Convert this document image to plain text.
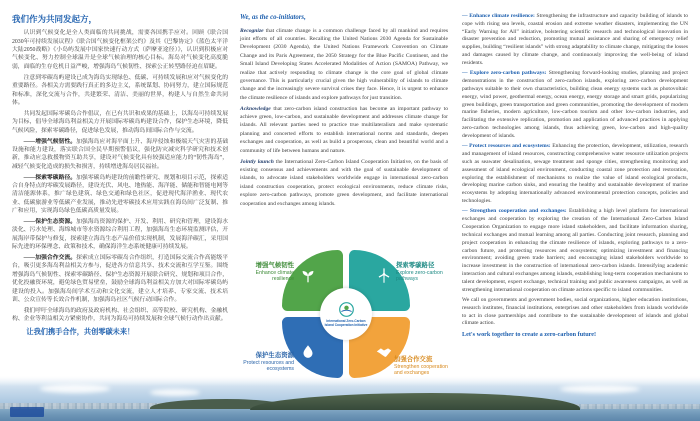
我们作为共同发起方，

认识到气候变化是全人类面临的共同挑战，需要各国携手应对。回顾《联合国2030年可持续发展议程》《联合国气候变化框架公约》及其《巴黎协定》《蓝色太平洋大陆2050战略》《小岛屿发展中国家快速行动方式（萨摩亚途径）》，认识到积极应对气候变化、努力控制全球温升是全球气候治理的核心目标。海岛对气候变化高度脆弱，面临的生存危机日益严峻，增强海岛气候韧性、探索公正转型路径迫在眉睫。

注意到零碳岛屿建设已成为海岛实现绿色、低碳、可持续发展和应对气候变化的重要路径。各相关方需要践行真正的多边主义，系统谋划、协同努力，建立国际规范和标准，深化交流与合作，共建繁荣、清洁、美丽的世界，构建人与自然生命共同体。

共同发起国际零碳岛合作倡议，在已有共识和成果的基础上，以海岛可持续发展为目标，倡导全球海岛利益相关方开展国际零碳岛屿建设合作，保护生态环境，降低气候风险，探索零碳路径，促进绿色发展，推动海岛间国际合作与交流。

——增强气候韧性。加强海岛应对海平面上升、海岸侵蚀和极端天气灾害的基础设施和能力建设，落实联合国全民早期预警倡议，强化防灾减灾科学研究和技术创新，推动应急救援物资互助共享，建设对气候变化具有较强适应能力的“韧性海岛”，减轻气候变化造成的损失和损害，持续增进海岛居民福祉。

——探索零碳路径。加强零碳岛屿建设的前瞻性研究、规划和项目示范，探索适合自身特点的零碳发展路径，建设光伏、风电、地热能、海洋能、储能和智能电网等清洁能源体系，推广绿色建筑、绿色交通和绿色社区，促进现代海洋渔业、现代农业、低碳旅游业等低碳产业发展，推动先进零碳技术应用实践在海岛间广泛复制、推广和应用，实现海岛绿色低碳高质量发展。

——保护生态资源。加强海岛资源的保护、开发、利用、研究和管理，建设海水淡化、污水处理、海绵城市等水资源综合利用工程，加强海岛生态环境监测评估，开展海岸带保护与修复，探索建立海岛生态产品价值实现机制，发展海洋碳汇，采用国际先进的环保理念、政策和技术，确保海洋生态系统健康可持续发展。

——加强合作交流。探索成立国际零碳岛合作组织，打造国际交流合作高能级平台，吸引更多海岛利益相关方参与，促进各方信息共享、技术交流和互学互鉴。围绕增强海岛气候韧性、探索零碳路径、保护生态资源开展联合研究、规划和项目合作，优化投融资环境，避免绿色贸易壁垒，鼓励全球海岛利益相关方加大对国际零碳岛屿建设的投入。加强海岛间学术互动和文化交流，建立人才培养、专家交流、技术培训、公众宣传等长效合作机制，加强海岛社区气候行动国际合作。

我们呼吁全球海岛的政府及政府机构、社会组织、高等院校、研究机构、金融机构、企业等利益相关方紧密协作，共同为海岛可持续发展和全球气候行动作出贡献。

让我们携手合作，共创零碳未来！
We, as the co-initiators,

Recognize that climate change is a common challenge faced by all mankind and requires joint efforts of all countries. Recalling the United Nations 2030 Agenda for Sustainable Development (2030 Agenda), the United Nations Framework Convention on Climate Change and its Paris Agreement, the 2050 Strategy for the Blue Pacific Continent, and the Small Island Developing States Accelerated Modalities of Action (SAMOA) Pathway, we realize that actively responding to climate change is the core goal of global climate governance. This is particularly crucial given the high vulnerability of islands to climate change and the increasingly severe survival crises they face. Hence, it is urgent to enhance the climate resilience of islands and explore pathways for just transition.

Acknowledge that zero-carbon island construction has become an important pathway to achieve green, low-carbon, and sustainable development and addresses climate change for islands. All relevant parties need to practice true multilateralism and make systematic planning and concerted efforts to establish international norms and standards, deepen exchanges and cooperation, as well as build a prosperous, clean and beautiful world and a community of life between humans and nature.

Jointly launch the International Zero-Carbon Island Cooperation Initiative, on the basis of existing consensus and achievements and with the goal of sustainable development of islands, to advocate island stakeholders worldwide engage in international zero-carbon island construction cooperation, protect ecological environments, reduce climate risks, explore zero-carbon pathways, promote green development, and facilitate international cooperation and exchanges among islands.

— Enhance climate resilience: Strengthening the infrastructure and capacity building of islands to cope with rising sea levels, coastal erosion and extreme weather disasters, implementing the UN “Early Warning for All” initiative, bolstering scientific research and technological innovation in disaster prevention and reduction, promoting mutual assistance and sharing of emergency relief supplies, building “resilient islands” with strong adaptability to climate change, mitigating the losses and damages caused by climate change, and continuously improving the well-being of island residents.

— Explore zero-carbon pathways: Strengthening forward-looking studies, planning and project demonstrations in the construction of zero-carbon islands, exploring zero-carbon development pathways suitable to their own characteristics, building clean energy systems such as photovoltaic energy, wind power, geothermal energy, ocean energy, energy storage and smart grids, popularizing green buildings, green transportation and green communities, promoting the development of modern marine fisheries, modern agriculture, low-carbon tourism and other low-carbon industries, and facilitating the extensive replication, promotion and application of advanced practices in applying zero-carbon technologies among islands, thus achieving green, low-carbon and high-quality development of islands.

— Protect resources and ecosystems: Enhancing the protection, development, utilization, research and management of island resources, constructing comprehensive water resource utilization projects such as seawater desalination, sewage treatment and sponge cities, strengthening monitoring and assessment of island ecological environment, conducting coastal zone protection and restoration, exploring the establishment of mechanisms to realize the value of island ecological products, developing marine carbon sinks, and ensuring the healthy and sustainable development of marine ecosystems by adopting internationally advanced environmental protection concepts, policies and technologies.

— Strengthen cooperation and exchanges: Establishing a high level platform for international exchanges and cooperation by exploring the creation of the International Zero-Carbon Island Cooperation Organization to engage more island stakeholders, and facilitate information sharing, technical exchanges and mutual learning among all parties. Conducting joint research, planning and project cooperation in enhancing the climate resilience of islands, exploring pathways to a zero-carbon future, and protecting resources and ecosystems; optimizing investment and financing environment; avoiding green trade barriers; and encouraging island stakeholders worldwide to increase investment in the construction of international zero-carbon islands. Intensifying academic interaction and cultural exchanges among islands, establishing long-term cooperation mechanisms to talent development, expert exchange, technical training and public awareness campaigns, as well as strengthening international cooperation on climate actions specific to island communities.

We call on governments and government bodies, social organizations, higher education institutions, research institutes, financial institutions, enterprises and other stakeholders from islands worldwide to act in close partnerships and contribute to the sustainable development of islands and global climate action.

Let's work together to create a zero-carbon future!
International Zero-Carbon Island Cooperation Initiative
增强气候韧性
Enhance climate resilience
探索零碳路径
Explore zero-carbon pathways
保护生态资源
Protect resources and ecosystems
加强合作交流
Strengthen cooperation and exchanges
